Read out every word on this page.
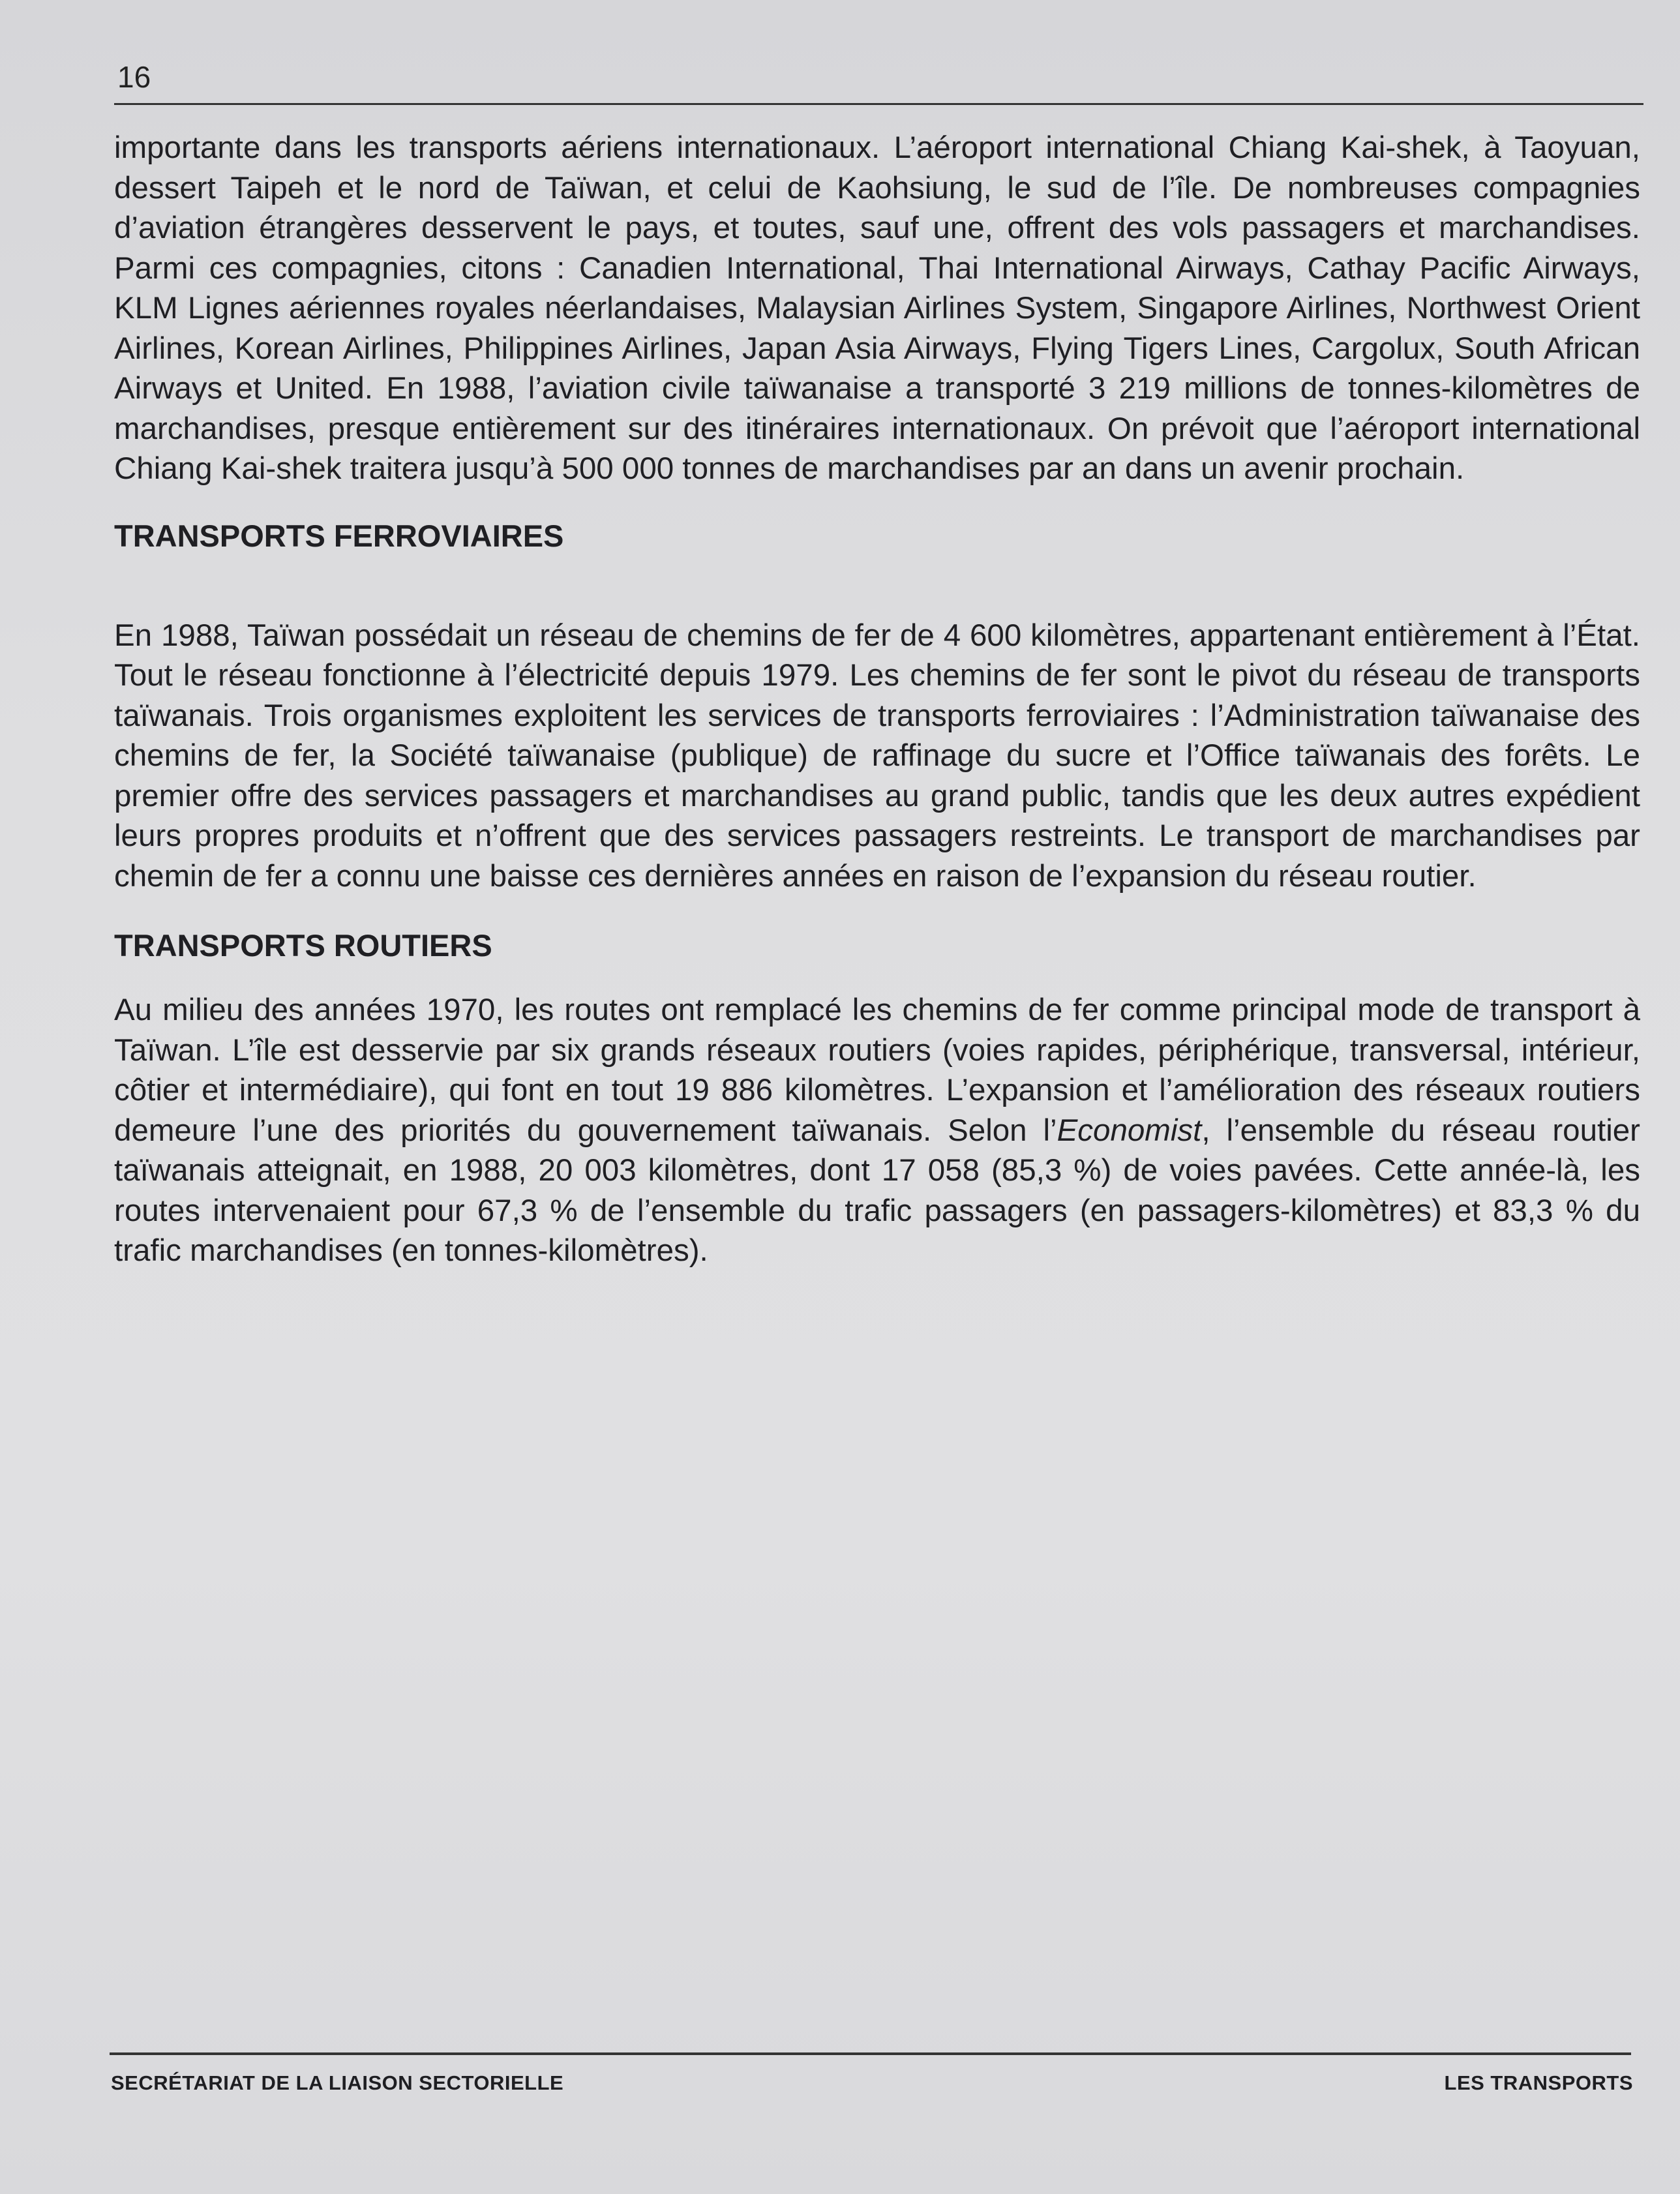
16

importante dans les transports aériens internationaux. L’aéroport international Chiang Kai-shek, à Taoyuan, dessert Taipeh et le nord de Taïwan, et celui de Kaohsiung, le sud de l’île. De nombreuses compagnies d’aviation étrangères desservent le pays, et toutes, sauf une, offrent des vols passagers et marchandises. Parmi ces compagnies, citons : Canadien International, Thai International Airways, Cathay Pacific Airways, KLM Lignes aériennes royales néerlandaises, Malaysian Airlines System, Singapore Airlines, Northwest Orient Airlines, Korean Airlines, Philippines Airlines, Japan Asia Airways, Flying Tigers Lines, Cargolux, South African Airways et United. En 1988, l’aviation civile taïwanaise a transporté 3 219 millions de tonnes-kilomètres de marchandises, presque entièrement sur des itinéraires internationaux. On prévoit que l’aéroport international Chiang Kai-shek traitera jusqu’à 500 000 tonnes de marchandises par an dans un avenir prochain.

TRANSPORTS FERROVIAIRES

En 1988, Taïwan possédait un réseau de chemins de fer de 4 600 kilomètres, appartenant entièrement à l’État. Tout le réseau fonctionne à l’électricité depuis 1979. Les chemins de fer sont le pivot du réseau de transports taïwanais. Trois organismes exploitent les services de transports ferroviaires : l’Administration taïwanaise des chemins de fer, la Société taïwanaise (publique) de raffinage du sucre et l’Office taïwanais des forêts. Le premier offre des services passagers et marchandises au grand public, tandis que les deux autres expédient leurs propres produits et n’offrent que des services passagers restreints. Le transport de marchandises par chemin de fer a connu une baisse ces dernières années en raison de l’expansion du réseau routier.

TRANSPORTS ROUTIERS

Au milieu des années 1970, les routes ont remplacé les chemins de fer comme principal mode de transport à Taïwan. L’île est desservie par six grands réseaux routiers (voies rapides, périphérique, transversal, intérieur, côtier et intermédiaire), qui font en tout 19 886 kilomètres. L’expansion et l’amélioration des réseaux routiers demeure l’une des priorités du gouvernement taïwanais. Selon l’Economist, l’ensemble du réseau routier taïwanais atteignait, en 1988, 20 003 kilomètres, dont 17 058 (85,3 %) de voies pavées. Cette année-là, les routes intervenaient pour 67,3 % de l’ensemble du trafic passagers (en passagers-kilomètres) et 83,3 % du trafic marchandises (en tonnes-kilomètres).

SECRÉTARIAT DE LA LIAISON SECTORIELLE	LES TRANSPORTS
